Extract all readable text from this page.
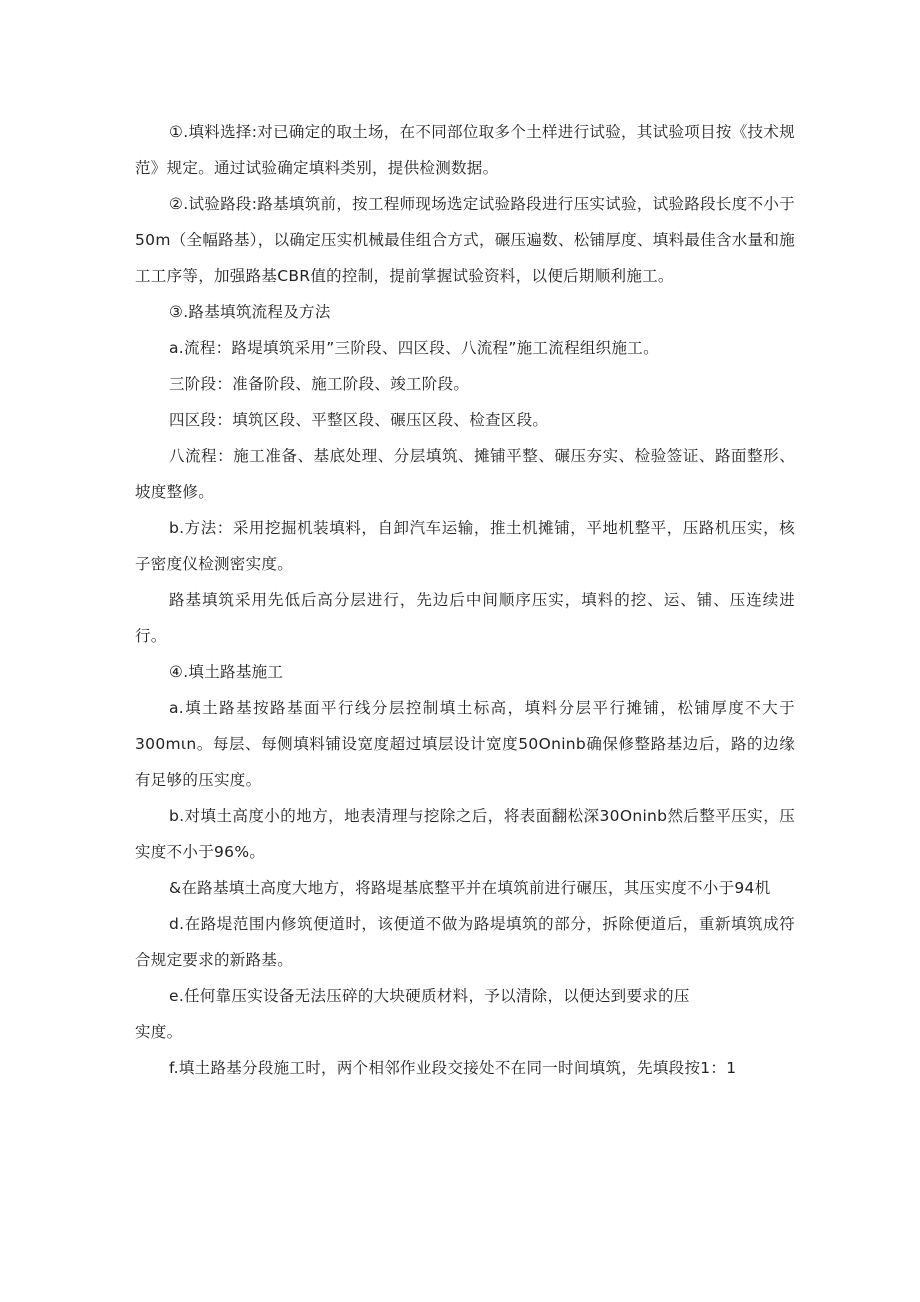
①.填料选择:对已确定的取土场，在不同部位取多个土样进行试验，其试验项目按《技术规范》规定。通过试验确定填料类别，提供检测数据。

②.试验路段:路基填筑前，按工程师现场选定试验路段进行压实试验，试验路段长度不小于50m（全幅路基），以确定压实机械最佳组合方式，碾压遍数、松铺厚度、填料最佳含水量和施工工序等，加强路基CBR值的控制，提前掌握试验资料，以便后期顺利施工。

③.路基填筑流程及方法

a.流程：路堤填筑采用”三阶段、四区段、八流程”施工流程组织施工。

三阶段：准备阶段、施工阶段、竣工阶段。

四区段：填筑区段、平整区段、碾压区段、检查区段。

八流程：施工准备、基底处理、分层填筑、摊铺平整、碾压夯实、检验签证、路面整形、坡度整修。

b.方法：采用挖掘机装填料，自卸汽车运输，推土机摊铺，平地机整平，压路机压实，核子密度仪检测密实度。

路基填筑采用先低后高分层进行，先边后中间顺序压实，填料的挖、运、铺、压连续进行。

④.填土路基施工

a.填土路基按路基面平行线分层控制填土标高，填料分层平行摊铺，松铺厚度不大于300mιn。每层、每侧填料铺设宽度超过填层设计宽度50Oninb确保修整路基边后，路的边缘有足够的压实度。

b.对填土高度小的地方，地表清理与挖除之后，将表面翻松深30Oninb然后整平压实，压实度不小于96%。

&在路基填土高度大地方，将路堤基底整平并在填筑前进行碾压，其压实度不小于94机

d.在路堤范围内修筑便道时，该便道不做为路堤填筑的部分，拆除便道后，重新填筑成符合规定要求的新路基。

e.任何靠压实设备无法压碎的大块硬质材料，予以清除，以便达到要求的压

实度。

f.填土路基分段施工时，两个相邻作业段交接处不在同一时间填筑，先填段按1：1
